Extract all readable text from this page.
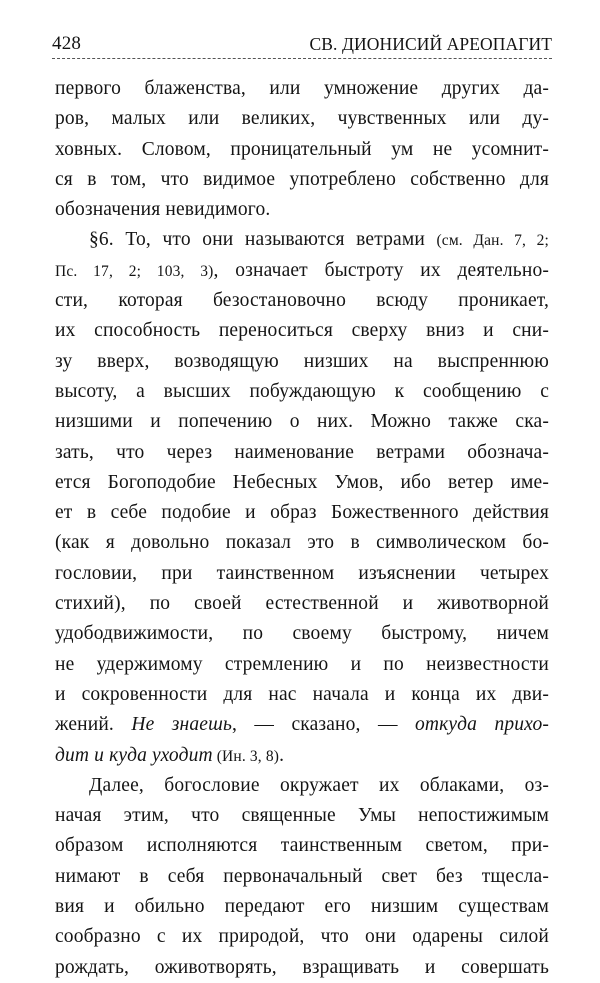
428	СВ. ДИОНИСИЙ АРЕОПАГИТ
первого блаженства, или умножение других да-
ров, малых или великих, чувственных или ду-
ховных. Словом, проницательный ум не усомнит-
ся в том, что видимое употреблено собственно для
обозначения невидимого.
§6. То, что они называются ветрами (см. Дан. 7, 2;
Пс. 17, 2; 103, 3), означает быстроту их деятельно-
сти, которая безостановочно всюду проникает,
их способность переноситься сверху вниз и сни-
зу вверх, возводящую низших на выспреннюю
высоту, а высших побуждающую к сообщению с
низшими и попечению о них. Можно также ска-
зать, что через наименование ветрами обознача-
ется Богоподобие Небесных Умов, ибо ветер име-
ет в себе подобие и образ Божественного действия
(как я довольно показал это в символическом бо-
гословии, при таинственном изъяснении четырех
стихий), по своей естественной и животворной
удободвижимости, по своему быстрому, ничем
не удержимому стремлению и по неизвестности
и сокровенности для нас начала и конца их дви-
жений. Не знаешь, — сказано, — откуда прихо-
дит и куда уходит (Ин. 3, 8).
Далее, богословие окружает их облаками, оз-
начая этим, что священные Умы непостижимым
образом исполняются таинственным светом, при-
нимают в себя первоначальный свет без тщесла-
вия и обильно передают его низшим существам
сообразно с их природой, что они одарены силой
рождать, оживотворять, взращивать и совершать
